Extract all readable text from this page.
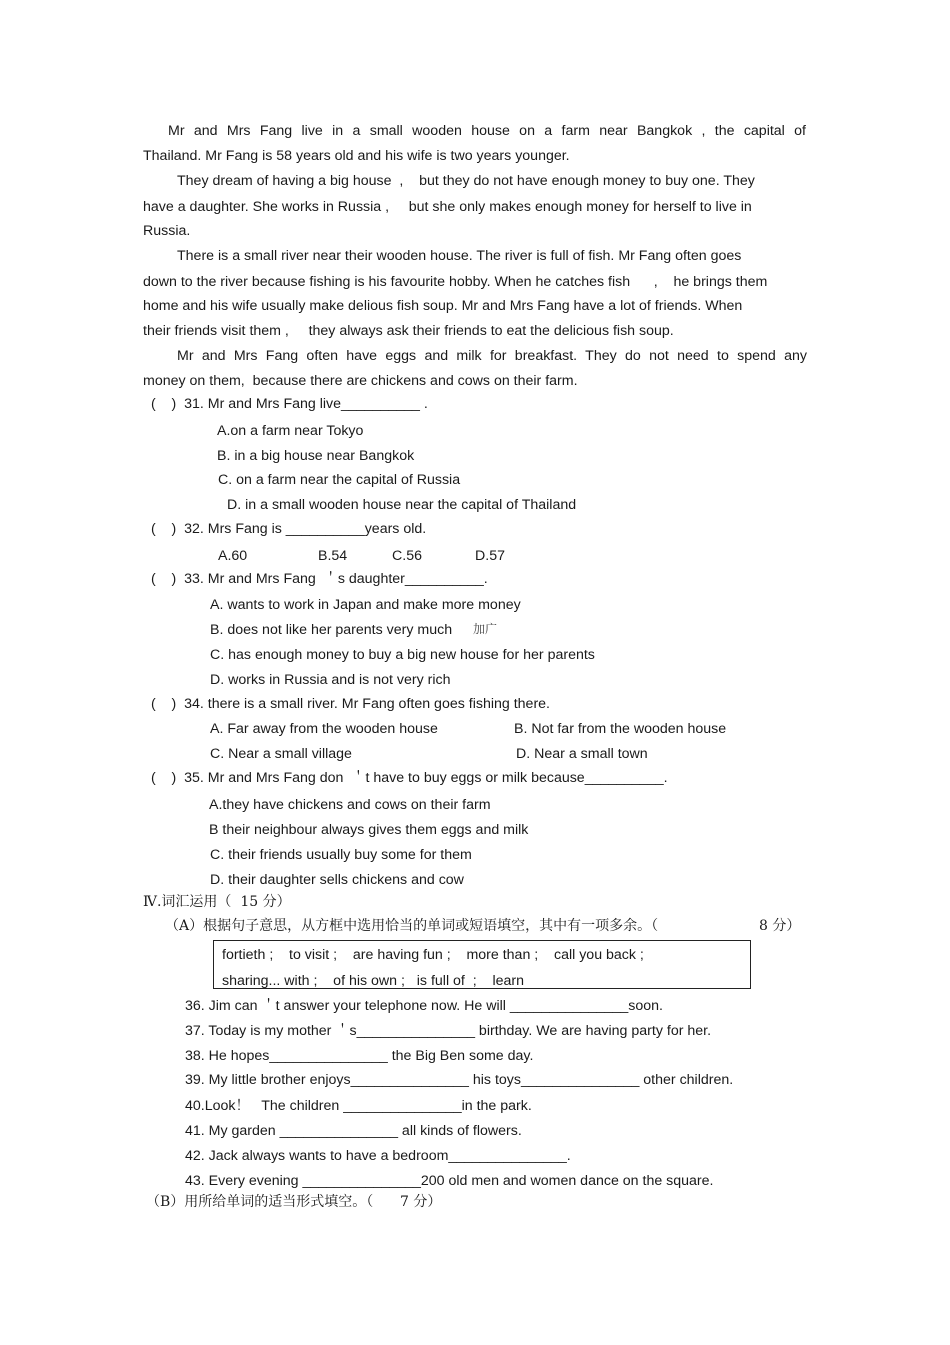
Mr and Mrs Fang live in a small wooden house on a farm near Bangkok , the capital of
Thailand. Mr Fang is 58 years old and his wife is two years younger.
They dream of having a big house  ,    but they do not have enough money to buy one. They
have a daughter. She works in Russia ,     but she only makes enough money for herself to live in
Russia.
There is a small river near their wooden house. The river is full of fish. Mr Fang often goes
down to the river because fishing is his favourite hobby. When he catches fish      ,    he brings them
home and his wife usually make delious fish soup. Mr and Mrs Fang have a lot of friends. When
their friends visit them ,     they always ask their friends to eat the delicious fish soup.
Mr and Mrs Fang often have eggs and milk for breakfast. They do not need to spend any
money on them,  because there are chickens and cows on their farm.
(    )  31. Mr and Mrs Fang live__________ .
A.on a farm near Tokyo
B. in a big house near Bangkok
C. on a farm near the capital of Russia
D. in a small wooden house near the capital of Thailand
(    )  32. Mrs Fang is __________years old.
A.60	B.54	C.56	D.57
(    )  33. Mr and Mrs Fang  ＇s daughter__________.
A. wants to work in Japan and make more money
B. does not like her parents very much 加广
C. has enough money to buy a big new house for her parents
D. works in Russia and is not very rich
(    )  34. there is a small river. Mr Fang often goes fishing there.
A. Far away from the wooden house	B. Not far from the wooden house
C. Near a small village	D. Near a small town
(    )  35. Mr and Mrs Fang don  ＇t have to buy eggs or milk because__________.
A.they have chickens and cows on their farm
B their neighbour always gives them eggs and milk
C. their friends usually buy some for them
D. their daughter sells chickens and cow
Ⅳ.词汇运用（  15 分）
（A）根据句子意思，从方框中选用恰当的单词或短语填空，其中有一项多余。（	8 分）
fortieth ;    to visit ;    are having fun ;    more than ;    call you back ;
sharing... with ;    of his own ;   is full of  ;    learn
36. Jim can ＇t answer your telephone now. He will _______________soon.
37. Today is my mother ＇s_______________ birthday. We are having party for her.
38. He hopes_______________ the Big Ben some day.
39. My little brother enjoys_______________ his toys_______________ other children.
40.Look！   The children _______________in the park.
41. My garden _______________ all kinds of flowers.
42. Jack always wants to have a bedroom_______________.
43. Every evening _______________200 old men and women dance on the square.
（B）用所给单词的适当形式填空。（      7 分）
